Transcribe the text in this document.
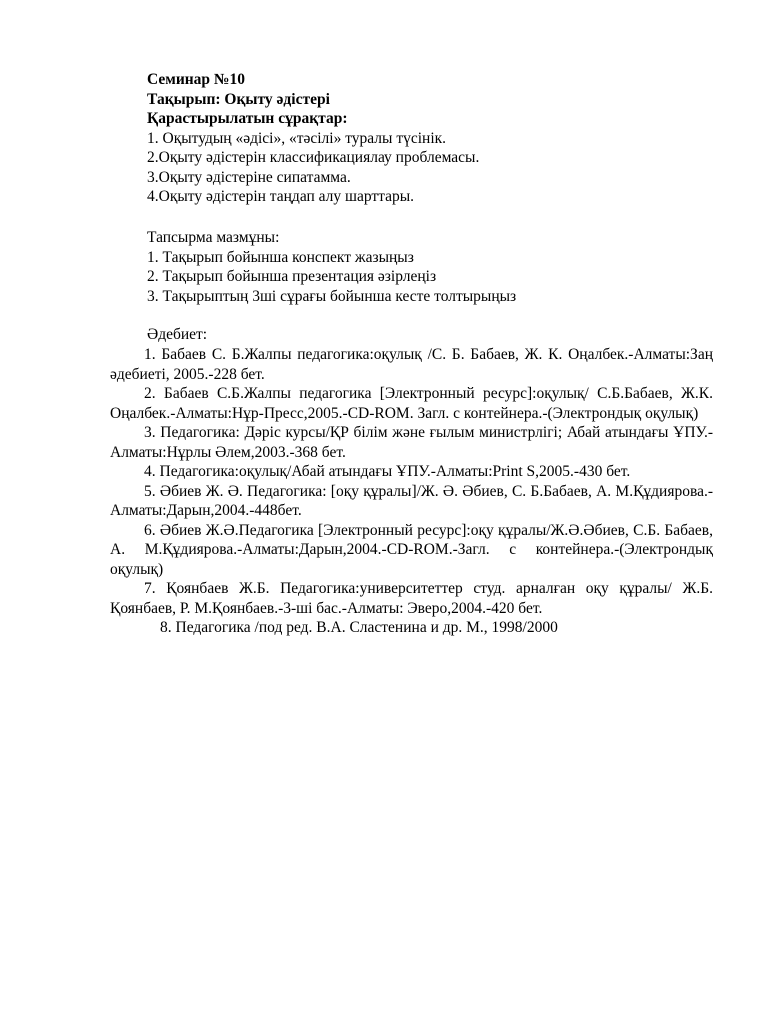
Семинар №10
Тақырып: Оқыту әдістері
Қарастырылатын сұрақтар:
1. Оқытудың «әдісі», «тәсілі» туралы түсінік.
2.Оқыту әдістерін классификациялау проблемасы.
3.Оқыту әдістеріне сипатамма.
4.Оқыту әдістерін таңдап алу шарттары.
Тапсырма мазмұны:
1. Тақырып бойынша конспект жазыңыз
2. Тақырып бойынша презентация әзірлеңіз
3. Тақырыптың 3ші сұрағы бойынша кесте толтырыңыз
Әдебиет:

1. Бабаев С. Б.Жалпы педагогика:оқулық /С. Б. Бабаев, Ж. К. Оңалбек.-Алматы:Заң әдебиеті, 2005.-228 бет.

2. Бабаев С.Б.Жалпы педагогика [Электронный ресурс]:оқулық/ С.Б.Бабаев, Ж.К. Оңалбек.-Алматы:Нұр-Пресс,2005.-CD-ROM. Загл. с контейнера.-(Электрондық оқулық)

3. Педагогика: Дәріс курсы/ҚР білім және ғылым министрлігі; Абай атындағы ҰПУ.-Алматы:Нұрлы Әлем,2003.-368 бет.

4. Педагогика:оқулық/Абай атындағы ҰПУ.-Алматы:Print S,2005.-430 бет.

5. Әбиев Ж. Ә. Педагогика: [оқу құралы]/Ж. Ә. Әбиев, С. Б.Бабаев, А. М.Құдиярова.-Алматы:Дарын,2004.-448бет.

6. Әбиев Ж.Ә.Педагогика [Электронный ресурс]:оқу құралы/Ж.Ә.Әбиев, С.Б. Бабаев, А. М.Құдиярова.-Алматы:Дарын,2004.-CD-ROM.-Загл. с контейнера.-(Электрондық оқулық)

7. Қоянбаев Ж.Б. Педагогика:университеттер студ. арналған оқу құралы/ Ж.Б. Қоянбаев, Р. М.Қоянбаев.-3-ші бас.-Алматы: Эверо,2004.-420 бет.

8. Педагогика /под ред. В.А. Сластенина и др. М., 1998/2000
